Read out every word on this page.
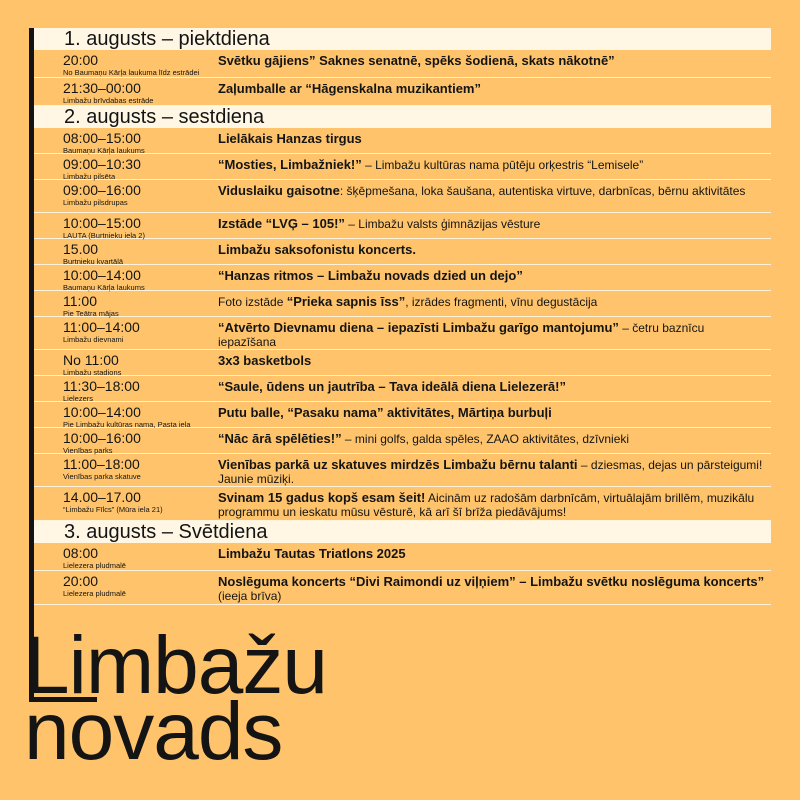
1. augusts – piektdiena
20:00
No Baumaņu Kārļa laukuma līdz estrādei
Svētku gājiens” Saknes senatnē, spēks šodienā, skats nākotnē”
21:30–00:00
Limbažu brīvdabas estrāde
Zaļumballe ar “Hāgenskalna muzikantiem”
2. augusts – sestdiena
08:00–15:00
Baumaņu Kārļa laukums
Lielākais Hanzas tirgus
09:00–10:30
Limbažu pilsēta
“Mosties, Limbažniek!” – Limbažu kultūras nama pūtēju orķestris “Lemisele”
09:00–16:00
Limbažu pilsdrupas
Viduslaiku gaisotne: šķēpmešana, loka šaušana, autentiska virtuve, darbnīcas, bērnu aktivitātes
10:00–15:00
LAUTA (Burtnieku iela 2)
Izstāde “LVĢ – 105!” – Limbažu valsts ģimnāzijas vēsture
15.00
Burtnieku kvartālā
Limbažu saksofonistu koncerts.
10:00–14:00
Baumaņu Kārļa laukums
“Hanzas ritmos – Limbažu novads dzied un dejo”
11:00
Pie Teātra mājas
Foto izstāde “Prieka sapnis īss”, izrādes fragmenti, vīnu degustācija
11:00–14:00
Limbažu dievnami
“Atvērto Dievnamu diena – iepazīsti Limbažu garīgo mantojumu” – četru baznīcu iepazīšana
No 11:00
Limbažu stadions
3x3 basketbols
11:30–18:00
Lielezers
“Saule, ūdens un jautrība – Tava ideālā diena Lielezerā!”
10:00–14:00
Pie Limbažu kultūras nama, Pasta iela
Putu balle, “Pasaku nama” aktivitātes, Mārtiņa burbuļi
10:00–16:00
Vienības parks
“Nāc ārā spēlēties!” – mini golfs, galda spēles, ZAAO aktivitātes, dzīvnieki
11:00–18:00
Vienības parka skatuve
Vienības parkā uz skatuves mirdzēs Limbažu bērnu talanti – dziesmas, dejas un pārsteigumi! Jaunie mūziķi.
14.00–17.00
“Limbažu Fīlcs” (Mūra iela 21)
Svinam 15 gadus kopš esam šeit! Aicinām uz radošām darbnīcām, virtuālajām brillēm, muzikālu programmu un ieskatu mūsu vēsturē, kā arī šī brīža piedāvājums!
3. augusts – Svētdiena
08:00
Lielezera pludmalē
Limbažu Tautas Triatlons 2025
20:00
Lielezera pludmalē
Noslēguma koncerts “Divi Raimondi uz viļņiem” – Limbažu svētku noslēguma koncerts” (ieeja brīva)
Limbažu
novads
